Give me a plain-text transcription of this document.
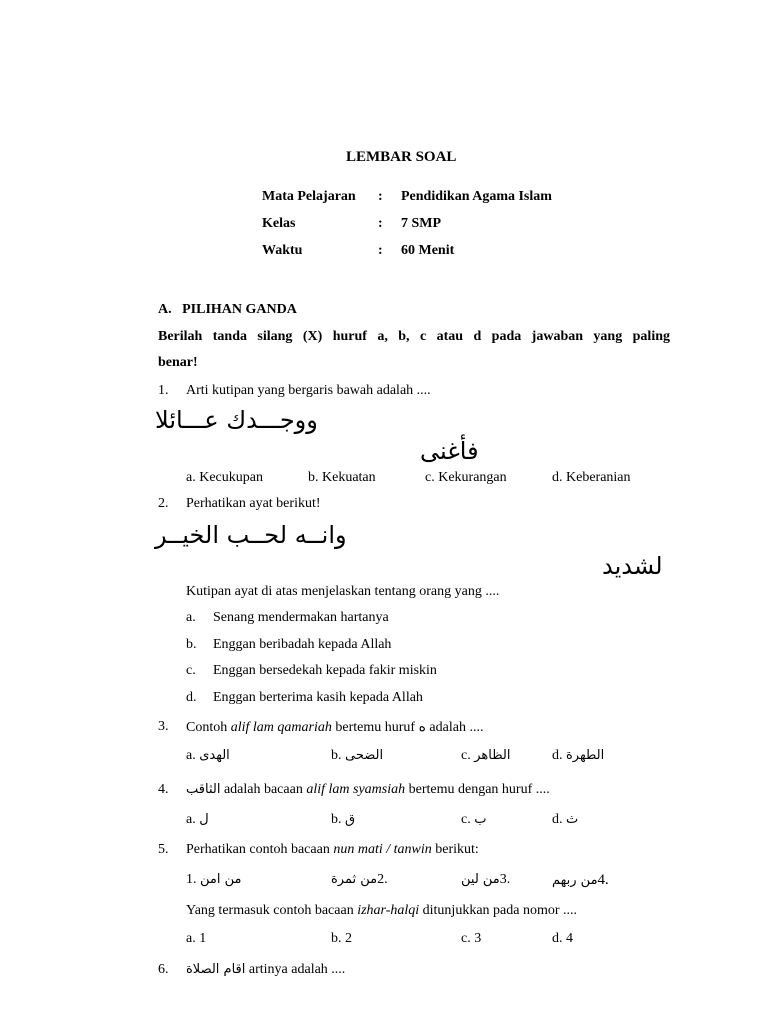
LEMBAR SOAL
Mata Pelajaran : Pendidikan Agama Islam
Kelas	: 7 SMP
Waktu	: 60 Menit
A.   PILIHAN GANDA
Berilah tanda silang (X) huruf a, b, c atau d pada jawaban yang paling
benar!
1. Arti kutipan yang bergaris bawah adalah ....
ووجـــدك عـــائلا
فأغنى
a. Kecukupan	b. Kekuatan	c. Kekurangan	d. Keberanian
2. Perhatikan ayat berikut!
وانــه لحــب الخيــر
لشديد
Kutipan ayat di atas menjelaskan tentang orang yang ....
a. Senang mendermakan hartanya
b. Enggan beribadah kepada Allah
c. Enggan bersedekah kepada fakir miskin
d. Enggan berterima kasih kepada Allah
3. Contoh alif lam qamariah bertemu huruf ه adalah ....
a. الهدى	b. الضحى	c. الظاهر	d. الطهرة
4. الثاقب adalah bacaan alif lam syamsiah bertemu dengan huruf ....
a. ل	b. ق	c. ب	d. ث
5. Perhatikan contoh bacaan nun mati / tanwin berikut:
1. من امن	من ثمرة2.	من لين3.	من ربهم4.
Yang termasuk contoh bacaan izhar-halqi ditunjukkan pada nomor ....
a. 1	b. 2	c. 3	d. 4
6. اقام الصلاة artinya adalah ....
